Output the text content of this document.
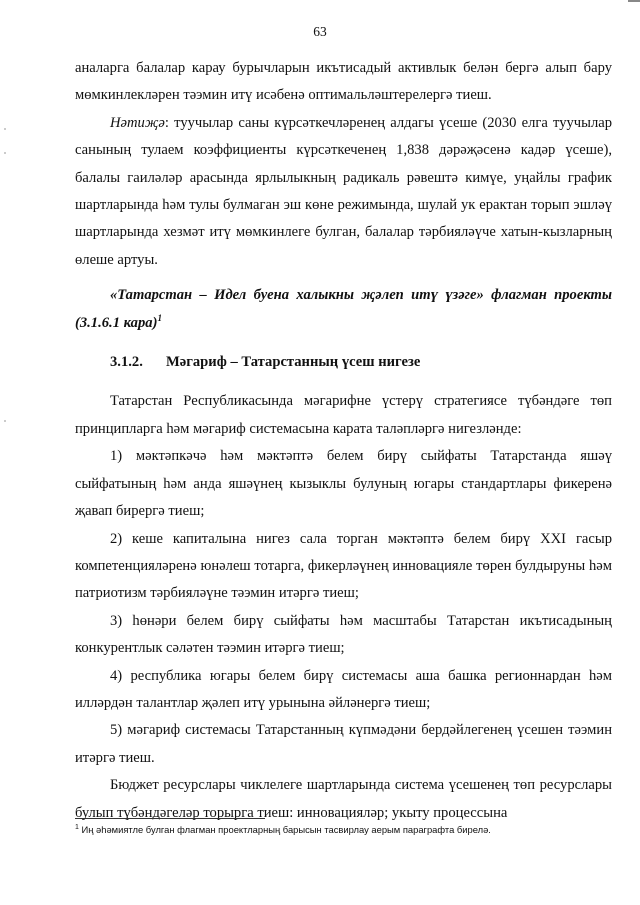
63

аналарга балалар карау бурычларын икътисадый активлык белән бергә алып бару мөмкинлекләрен тәэмин итү исәбенә оптимальләштерелергә тиеш.

Нәтиҗә: туучылар саны күрсәткечләренең алдагы үсеше (2030 елга туучылар санының тулаем коэффициенты күрсәткеченең 1,838 дәрәҗәсенә кадәр үсеше), балалы гаиләләр арасында ярлылыкның радикаль рәвештә кимүе, уңайлы график шартларында һәм тулы булмаган эш көне режимында, шулай ук ерактан торып эшләү шартларында хезмәт итү мөмкинлеге булган, балалар тәрбияләүче хатын-кызларның өлеше артуы.

«Татарстан – Идел буена халыкны җәлеп итү үзәге» флагман проекты (3.1.6.1 кара)$^1$

3.1.2. Мәгариф – Татарстанның үсеш нигезе

Татарстан Республикасында мәгарифне үстерү стратегиясе түбәндәге төп принципларга һәм мәгариф системасына карата таләпләргә нигезләнде:

1) мәктәпкәчә һәм мәктәптә белем бирү сыйфаты Татарстанда яшәү сыйфатының һәм анда яшәүнең кызыклы булуның югары стандартлары фикеренә җавап бирергә тиеш;

2) кеше капиталына нигез сала торган мәктәптә белем бирү XXI гасыр компетенцияләренә юнәлеш тотарга, фикерләүнең инновацияле төрен булдыруны һәм патриотизм тәрбияләүне тәэмин итәргә тиеш;

3) һөнәри белем бирү сыйфаты һәм масштабы Татарстан икътисадының конкурентлык сәләтен тәэмин итәргә тиеш;

4) республика югары белем бирү системасы аша башка регионнардан һәм илләрдән талантлар җәлеп итү урынына әйләнергә тиеш;

5) мәгариф системасы Татарстанның күпмәдәни бердәйлегенең үсешен тәэмин итәргә тиеш.

Бюджет ресурслары чиклелеге шартларында система үсешенең төп ресурслары булып түбәндәгеләр торырга тиеш: инновацияләр; укыту процессына

$^1$ Иң әһәмиятле булган флагман проектларның барысын тасвирлау аерым параграфта бирелә.
